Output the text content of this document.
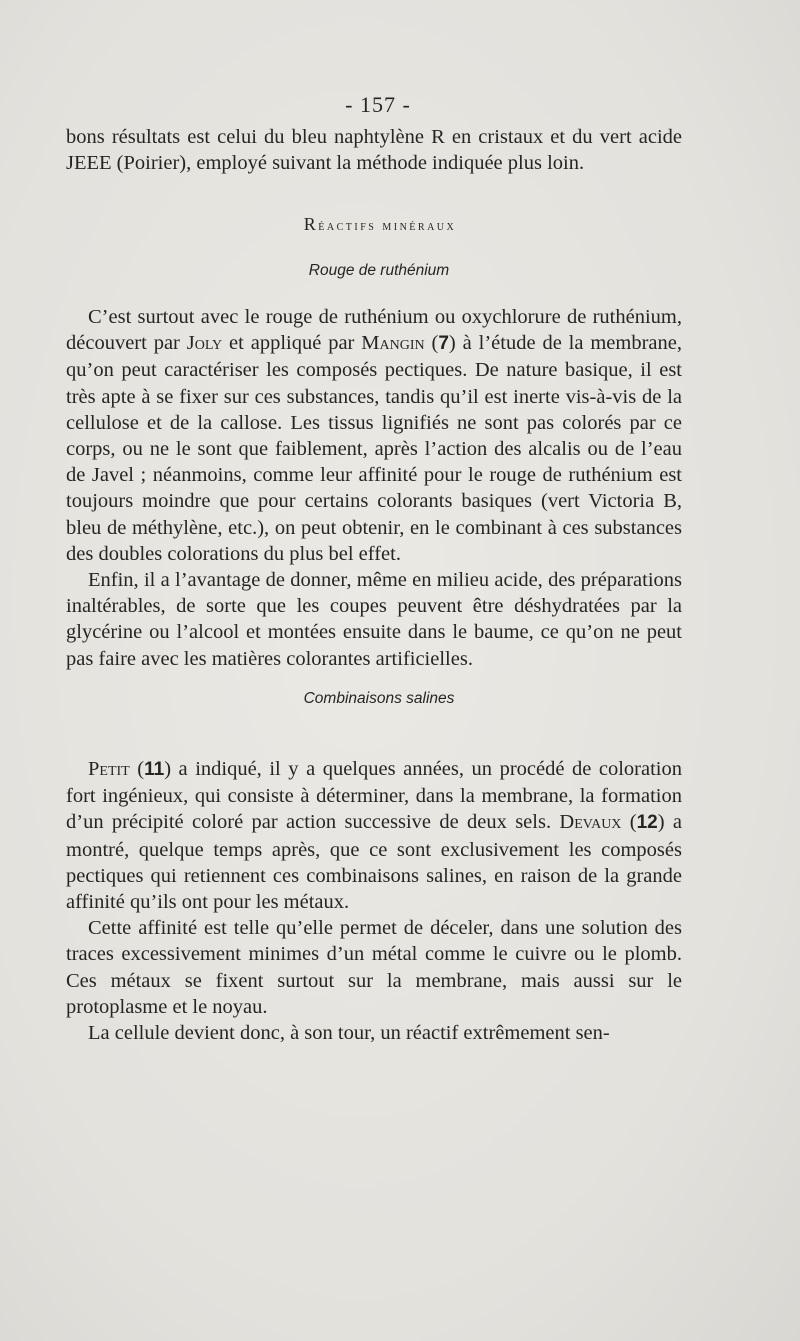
- 157 -

bons résultats est celui du bleu naphtylène R en cristaux et du vert acide JEEE (Poirier), employé suivant la méthode indiquée plus loin.

Réactifs minéraux
Rouge de ruthénium

C’est surtout avec le rouge de ruthénium ou oxychlorure de ruthénium, découvert par Joly et appliqué par Mangin (7) à l’étude de la membrane, qu’on peut caractériser les composés pectiques. De nature basique, il est très apte à se fixer sur ces substances, tandis qu’il est inerte vis-à-vis de la cellulose et de la callose. Les tissus lignifiés ne sont pas colorés par ce corps, ou ne le sont que faiblement, après l’action des alcalis ou de l’eau de Javel ; néanmoins, comme leur affinité pour le rouge de ruthénium est toujours moindre que pour certains colorants basiques (vert Victoria B, bleu de méthylène, etc.), on peut obtenir, en le combinant à ces substances des doubles colorations du plus bel effet.

Enfin, il a l’avantage de donner, même en milieu acide, des préparations inaltérables, de sorte que les coupes peuvent être déshydratées par la glycérine ou l’alcool et montées ensuite dans le baume, ce qu’on ne peut pas faire avec les matières colorantes artificielles.

Combinaisons salines

Petit (11) a indiqué, il y a quelques années, un procédé de coloration fort ingénieux, qui consiste à déterminer, dans la membrane, la formation d’un précipité coloré par action successive de deux sels. Devaux (12) a montré, quelque temps après, que ce sont exclusivement les composés pectiques qui retiennent ces combinaisons salines, en raison de la grande affinité qu’ils ont pour les métaux.

Cette affinité est telle qu’elle permet de déceler, dans une solution des traces excessivement minimes d’un métal comme le cuivre ou le plomb. Ces métaux se fixent surtout sur la membrane, mais aussi sur le protoplasme et le noyau.

La cellule devient donc, à son tour, un réactif extrêmement sen-
